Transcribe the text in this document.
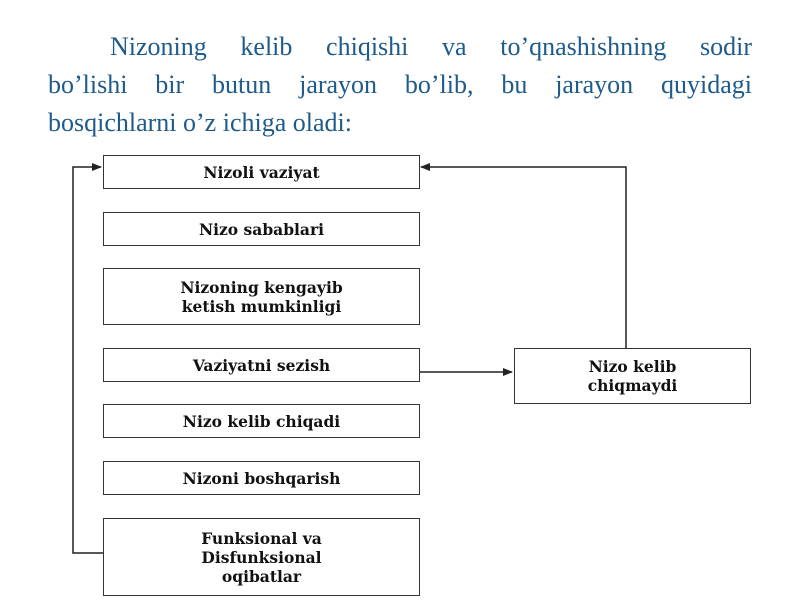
Nizoning kelib chiqishi va to’qnashishning sodir
bo’lishi bir butun jarayon bo’lib, bu jarayon quyidagi
bosqichlarni o’z ichiga oladi:

Nizoli vaziyat
Nizo sabablari
Nizoning kengayib
ketish mumkinligi
Vaziyatni sezish
Nizo kelib chiqadi
Nizoni boshqarish
Funksional va
Disfunksional
oqibatlar
Nizo kelib
chiqmaydi
